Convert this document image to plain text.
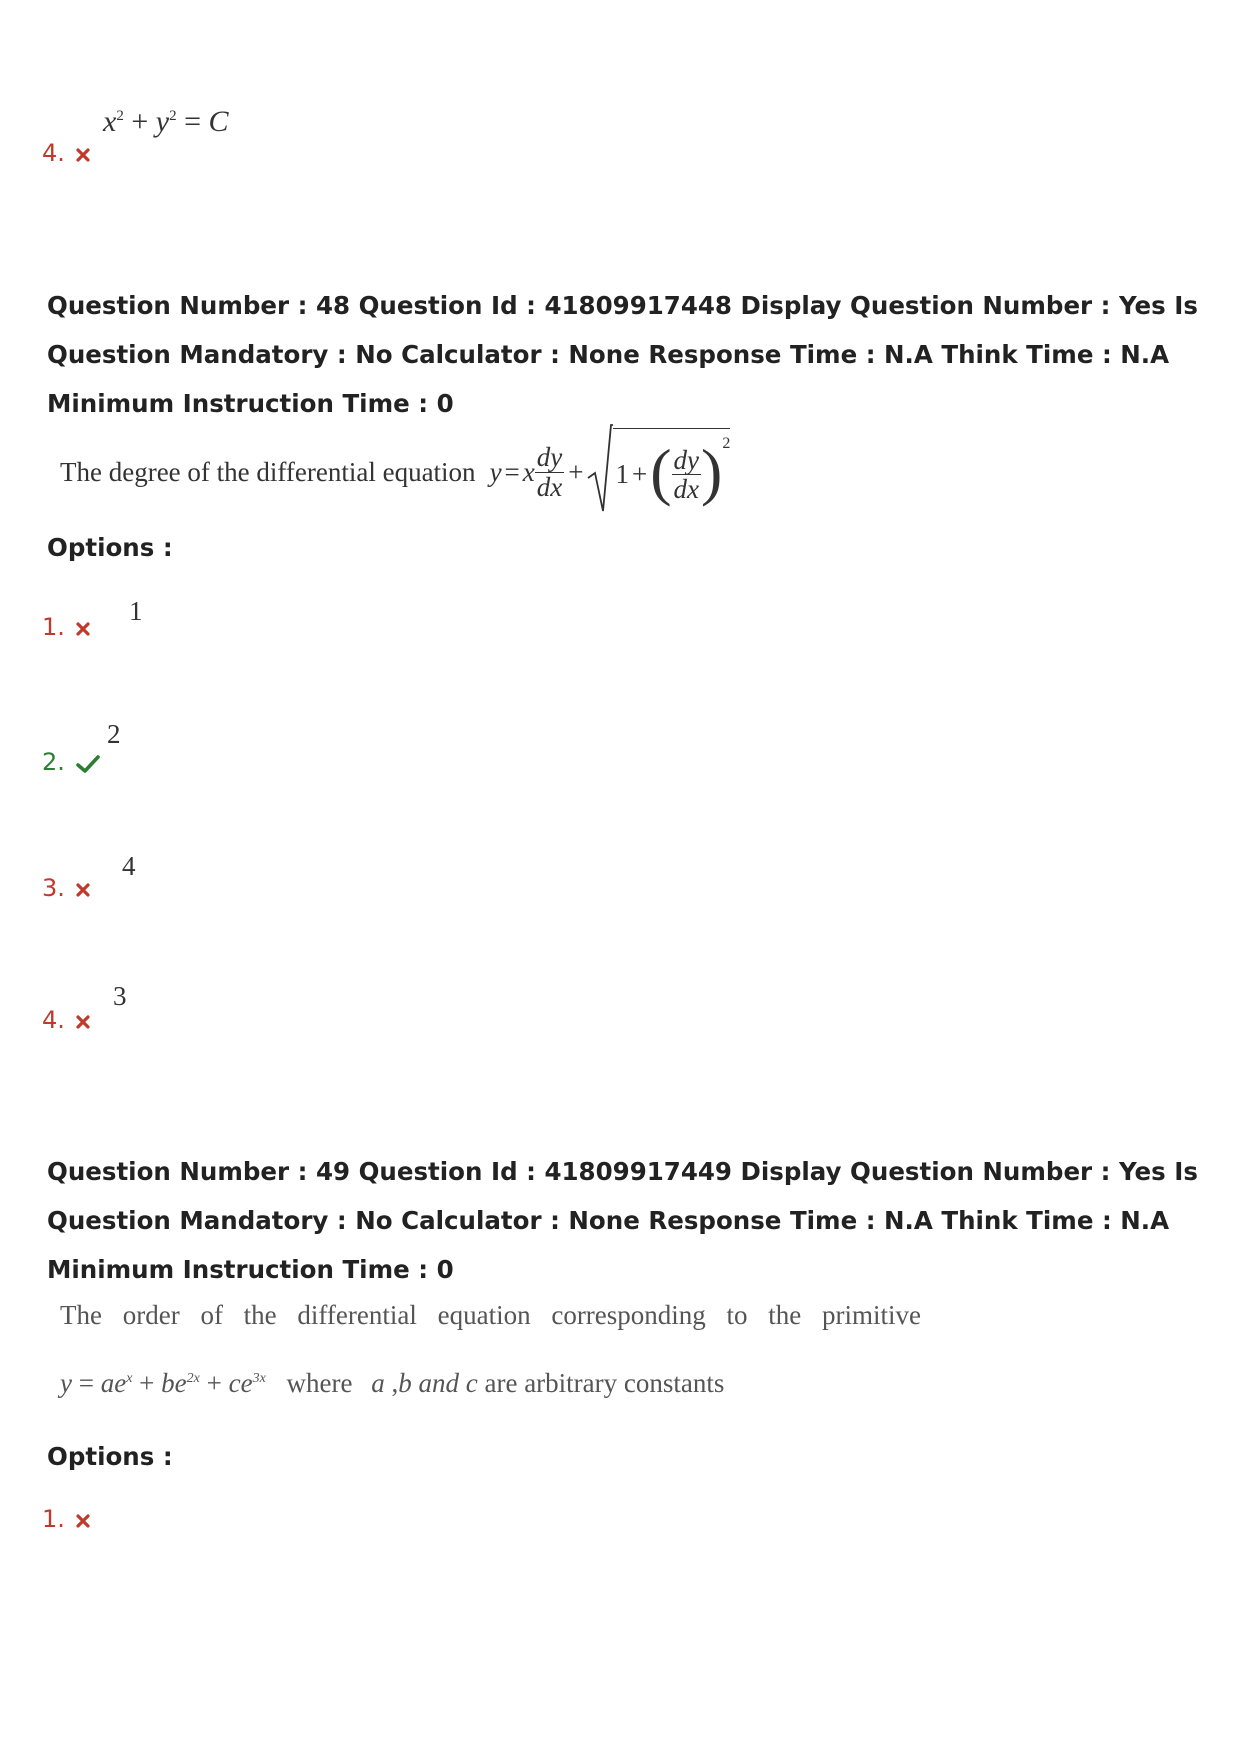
$x^2 + y^2 = C$
4.
Question Number : 48 Question Id : 41809917448 Display Question Number : Yes Is Question Mandatory : No Calculator : None Response Time : N.A Think Time : N.A Minimum Instruction Time : 0
The degree of the differential equation y = x $\frac{dy}{dx} + 1$ + ( $\frac{dy}{dx}$ ) 2
Options :
1
1.
2
2.
4
3.
3
4.
Question Number : 49 Question Id : 41809917449 Display Question Number : Yes Is Question Mandatory : No Calculator : None Response Time : N.A Think Time : N.A Minimum Instruction Time : 0
The order of the differential equation corresponding to the primitive
$y = ae^x + be^{2x} + ce^{3x}$ where a ,b and c are arbitrary constants
Options :
1.
